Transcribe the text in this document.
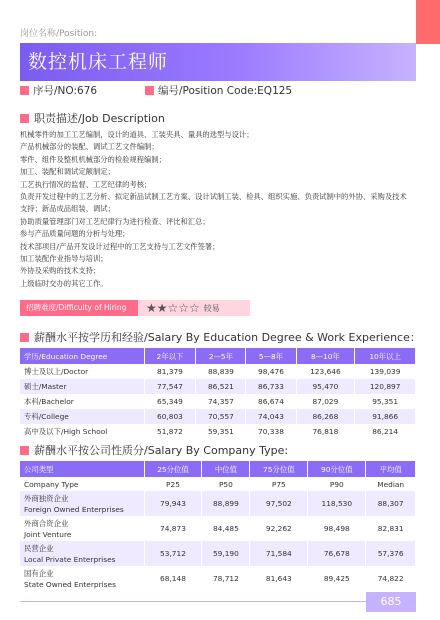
岗位名称/Position:
数控机床工程师
序号/NO:676	编号/Position Code:EQ125
职责描述/Job Description
机械零件的加工工艺编制，设计的道具、工装夹具、量具的选型与设计；
产品机械部分的装配、调试工艺文件编制；
零件、组件及整机机械部分的检验规程编制；
加工、装配和调试定额制定；
工艺执行情况的监督、工艺纪律的考核；
负责开发过程中的工艺分析、拟定新品试制工艺方案、设计试制工装、检具、组织实施、负责试制中的外协、采购及技术
支持；新品成品组装、调试；
协助质量管理部门对工艺纪律行为进行检查、评比和汇总；
参与产品质量问题的分析与处理；
技术部项目/产品开发设计过程中的工艺支持与工艺文件签署；
加工装配作业指导与培训；
外协及采购的技术支持；
上级临时交办的其它工作。
招聘难度/Difficulty of Hiring	★★☆☆☆ 较易
薪酬水平按学历和经验/Salary By Education Degree & Work Experience：
学历/Education Degree	2年以下	2—5年	5—8年	8—10年	10年以上
博士及以上/Doctor	81,379	88,839	98,476	123,646	139,039
硕士/Master	77,547	86,521	86,733	95,470	120,897
本科/Bachelor	65,349	74,357	86,674	87,029	95,351
专科/College	60,803	70,557	74,043	86,268	91,866
高中及以下/High School	51,872	59,351	70,338	76,818	86,214
薪酬水平按公司性质分/Salary By Company Type:
公司类型	25分位值	中位值	75分位值	90分位值	平均值
Company Type	P25	P50	P75	P90	Median

外商独资企业
Foreign Owned Enterprises	79,943	88,899	97,502	118,530	88,307

外商合资企业
Joint Venture	74,873	84,485	92,262	98,498	82,831

民营企业
Local Private Enterprises	53,712	59,190	71,584	76,678	57,376

国有企业
State Owned Enterprises	68,148	78,712	81,643	89,425	74,822
685
